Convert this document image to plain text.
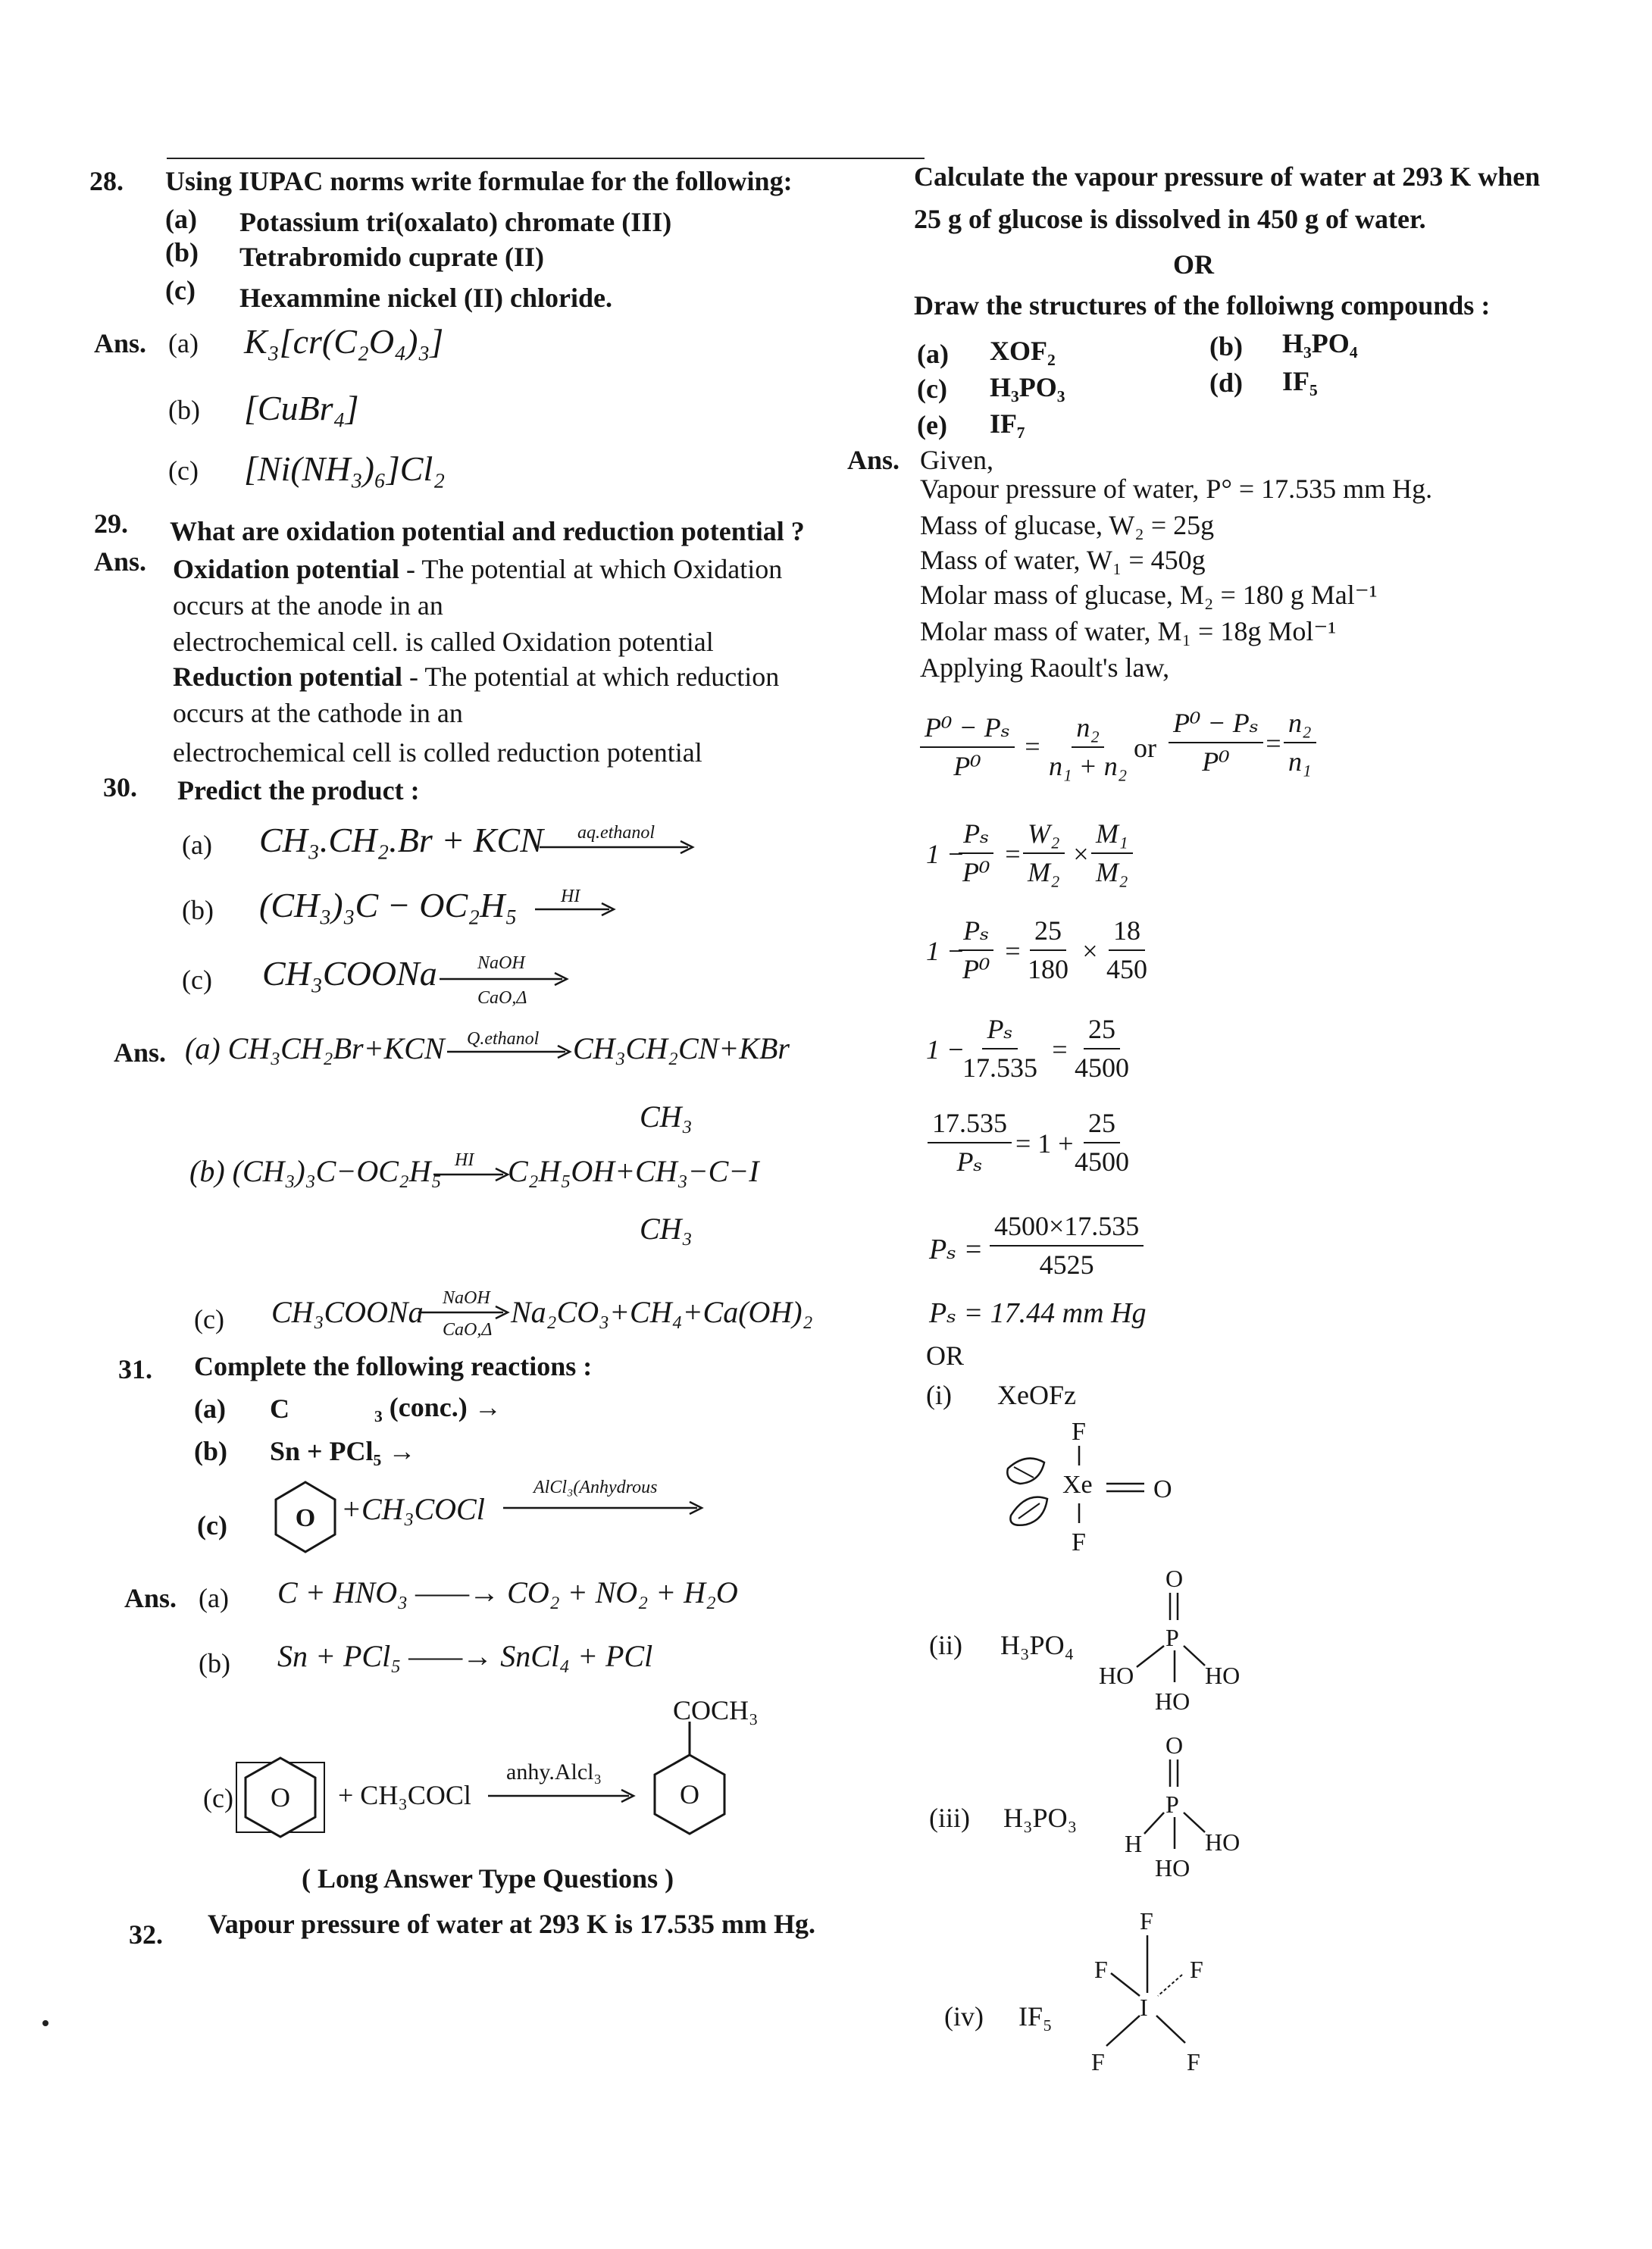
28. Using IUPAC norms write formulae for the following:
(a) Potassium tri(oxalato) chromate (III)
(b) Tetrabromido cuprate (II)
(c) Hexammine nickel (II) chloride.
Ans. (a) K₃[cr(C₂O₄)₃]
(b) [CuBr₄]
(c) [Ni(NH₃)₆]Cl₂
29. What are oxidation potential and reduction potential ?
Ans. Oxidation potential - The potential at which Oxidation
occurs at the anode in an
electrochemical cell. is called Oxidation potential
Reduction potential - The potential at which reduction
occurs at the cathode in an
electrochemical cell is colled reduction potential
30. Predict the product :
(a) CH₃.CH₂.Br + KCN aq.ethanol
(b) (CH₃)₃C − OC₂H₅ HI
(c) CH₃COONa NaOH
CaO,Δ
Ans. (a) CH₃CH₂Br+KCN Q.ethanol CH₃CH₂CN+KBr
CH₃
(b) (CH₃)₃C−OC₂H₅ HI C₂H₅OH+CH₃−C−I
CH₃
(c) CH₃COONa NaOH
CaO,Δ
Na₂CO₃+CH₄+Ca(OH)₂
31. Complete the following reactions :
(a) C	₃ (conc.) →
(b) Sn + PCl₅ →
(c)	O +CH₃COCl
AlCl₃(Anhydrous
Ans. (a) C + HNO₃ ——→ CO₂ + NO₂ + H₂O
(b) Sn + PCl₅ ——→ SnCl₄ + PCl
COCH₃
(c) O + CH₃COCl
anhy.Alcl₃
O
( Long Answer Type Questions )
32. Vapour pressure of water at 293 K is 17.535 mm Hg.
Calculate the vapour pressure of water at 293 K when
25 g of glucose is dissolved in 450 g of water.
OR
Draw the structures of the folloiwng compounds :
(a) XOF₂	(b) H₃PO₄
(c) H₃PO₃	(d) IF₅
(e) IF₇
Ans. Given,
Vapour pressure of water, P° = 17.535 mm Hg.
Mass of glucase, W₂ = 25g
Mass of water, W₁ = 450g
Molar mass of glucase, M₂ = 180 g Mal⁻¹
Molar mass of water, M₁ = 18g Mol⁻¹
Applying Raoult's law,
$\frac{\text{P⁰ − Pₛ}}{\text{P⁰}} = \frac{\text{n₂}}{\text{n₁ + n₂}}$ or $\frac{\text{P⁰ − Pₛ}}{\text{P⁰}} = \frac{\text{n₂}}{\text{n₁}}$
1 −
$\frac{\text{Pₛ}}{\text{P⁰}} = \frac{\text{W₂}}{\text{M₂}} \times \frac{\text{M₁}}{\text{M₂}}$
1 −
$\frac{\text{Pₛ}}{\text{P⁰}} = \frac{25}{180} \times \frac{18}{450}$
1 −
$\frac{\text{Pₛ}}{17.535} = \frac{25}{4500}$
$\frac{17.535}{\text{Pₛ}} = 1$ +
$\frac{25}{4500}$
$P_s = \frac{4500\times 17.535}{4525}$
Pₛ = 17.44 mm Hg
OR
(i) XeOFz
F
Xe O
F
(ii) H₃PO₄
O
P
HO	HO
HO
(iii) H₃PO₃
O
P
H	HO
HO
(iv) IF₅
F
F	F
I
F	F
